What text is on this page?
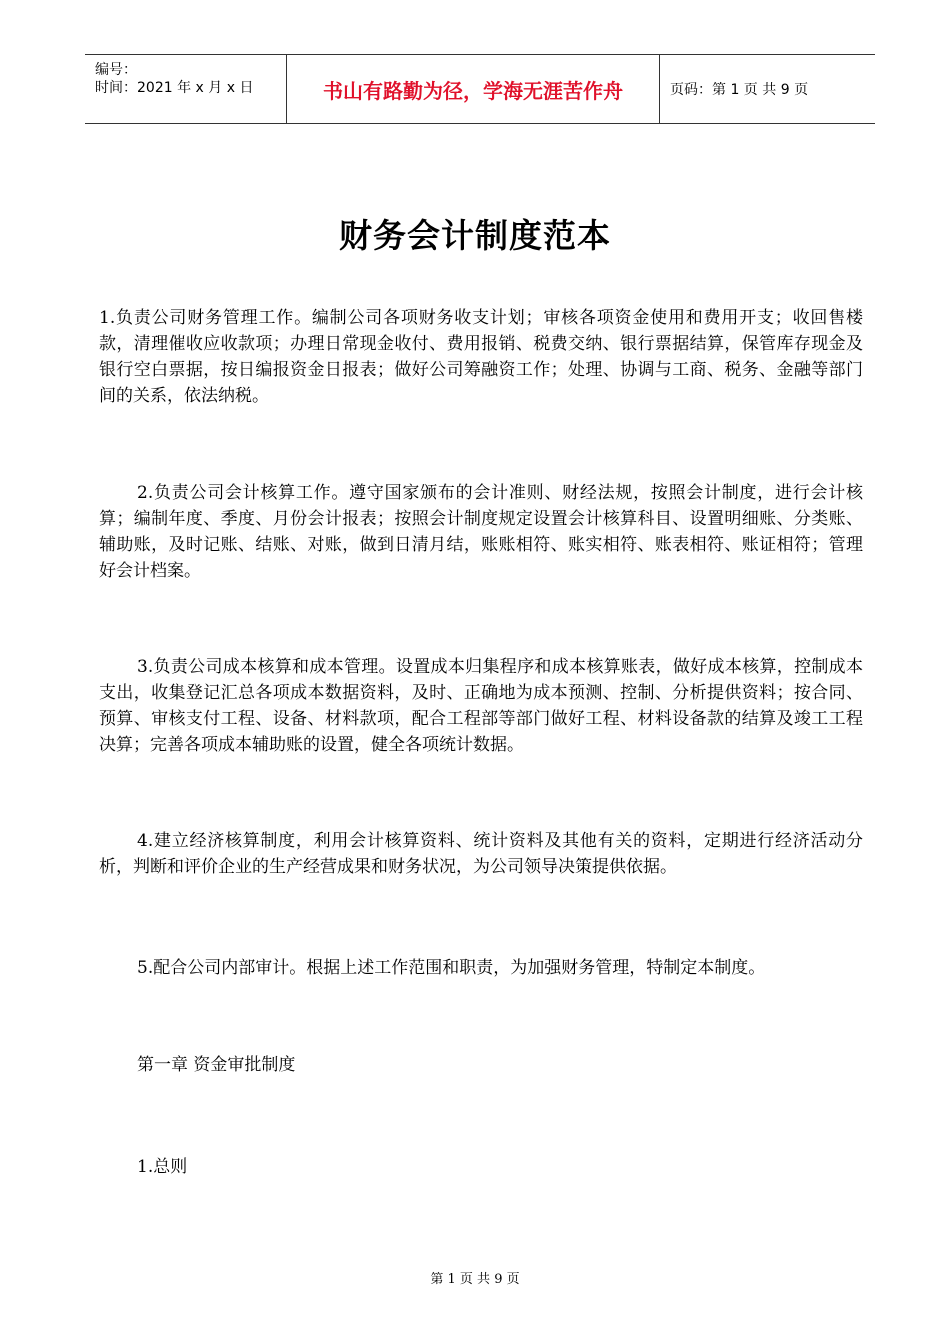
编号：
时间：2021 年 x 月 x 日	书山有路勤为径，学海无涯苦作舟	页码：第 1 页 共 9 页
财务会计制度范本

1.负责公司财务管理工作。编制公司各项财务收支计划；审核各项资金使用和费用开支；收回售楼款，清理催收应收款项；办理日常现金收付、费用报销、税费交纳、银行票据结算，保管库存现金及银行空白票据，按日编报资金日报表；做好公司筹融资工作；处理、协调与工商、税务、金融等部门间的关系，依法纳税。

2.负责公司会计核算工作。遵守国家颁布的会计准则、财经法规，按照会计制度，进行会计核算；编制年度、季度、月份会计报表；按照会计制度规定设置会计核算科目、设置明细账、分类账、辅助账，及时记账、结账、对账，做到日清月结，账账相符、账实相符、账表相符、账证相符；管理好会计档案。

3.负责公司成本核算和成本管理。设置成本归集程序和成本核算账表，做好成本核算，控制成本支出，收集登记汇总各项成本数据资料，及时、正确地为成本预测、控制、分析提供资料；按合同、预算、审核支付工程、设备、材料款项，配合工程部等部门做好工程、材料设备款的结算及竣工工程决算；完善各项成本辅助账的设置，健全各项统计数据。

4.建立经济核算制度，利用会计核算资料、统计资料及其他有关的资料，定期进行经济活动分析，判断和评价企业的生产经营成果和财务状况，为公司领导决策提供依据。

5.配合公司内部审计。根据上述工作范围和职责，为加强财务管理，特制定本制度。

第一章 资金审批制度
1.总则
第 1 页 共 9 页
